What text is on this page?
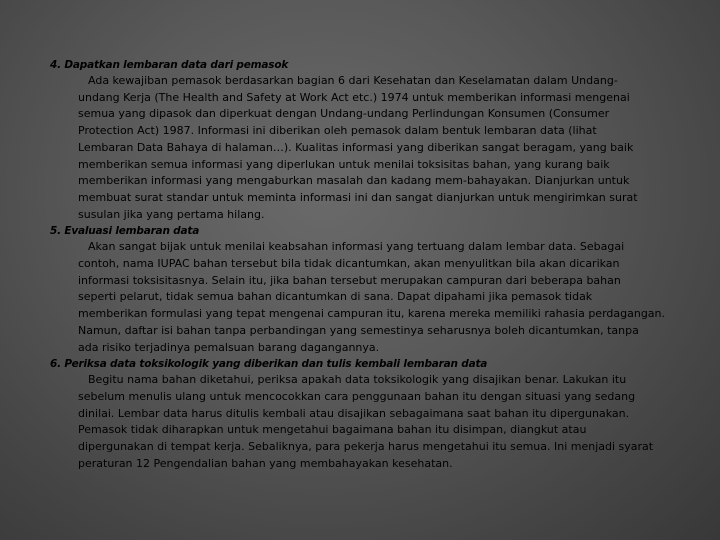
4. Dapatkan lembaran data dari pemasok

Ada kewajiban pemasok berdasarkan bagian 6 dari Kesehatan dan Keselamatan dalam Undang-
undang Kerja (The Health and Safety at Work Act etc.) 1974 untuk memberikan informasi mengenai
semua yang dipasok dan diperkuat dengan Undang-undang Perlindungan Konsumen (Consumer
Protection Act) 1987. Informasi ini diberikan oleh pemasok dalam bentuk lembaran data (lihat
Lembaran Data Bahaya di halaman…). Kualitas informasi yang diberikan sangat beragam, yang baik
memberikan semua informasi yang diperlukan untuk menilai toksisitas bahan, yang kurang baik
memberikan informasi yang mengaburkan masalah dan kadang mem-bahayakan. Dianjurkan untuk
membuat surat standar untuk meminta informasi ini dan sangat dianjurkan untuk mengirimkan surat
susulan jika yang pertama hilang.

5. Evaluasi lembaran data

Akan sangat bijak untuk menilai keabsahan informasi yang tertuang dalam lembar data. Sebagai
contoh, nama IUPAC bahan tersebut bila tidak dicantumkan, akan menyulitkan bila akan dicarikan
informasi toksisitasnya. Selain itu, jika bahan tersebut merupakan campuran dari beberapa bahan
seperti pelarut, tidak semua bahan dicantumkan di sana. Dapat dipahami jika pemasok tidak
memberikan formulasi yang tepat mengenai campuran itu, karena mereka memiliki rahasia perdagangan.
Namun, daftar isi bahan tanpa perbandingan yang semestinya seharusnya boleh dicantumkan, tanpa
ada risiko terjadinya pemalsuan barang dagangannya.

6. Periksa data toksikologik yang diberikan dan tulis kembali lembaran data

Begitu nama bahan diketahui, periksa apakah data toksikologik yang disajikan benar. Lakukan itu
sebelum menulis ulang untuk mencocokkan cara penggunaan bahan itu dengan situasi yang sedang
dinilai. Lembar data harus ditulis kembali atau disajikan sebagaimana saat bahan itu dipergunakan.
Pemasok tidak diharapkan untuk mengetahui bagaimana bahan itu disimpan, diangkut atau
dipergunakan di tempat kerja. Sebaliknya, para pekerja harus mengetahui itu semua. Ini menjadi syarat
peraturan 12 Pengendalian bahan yang membahayakan kesehatan.
